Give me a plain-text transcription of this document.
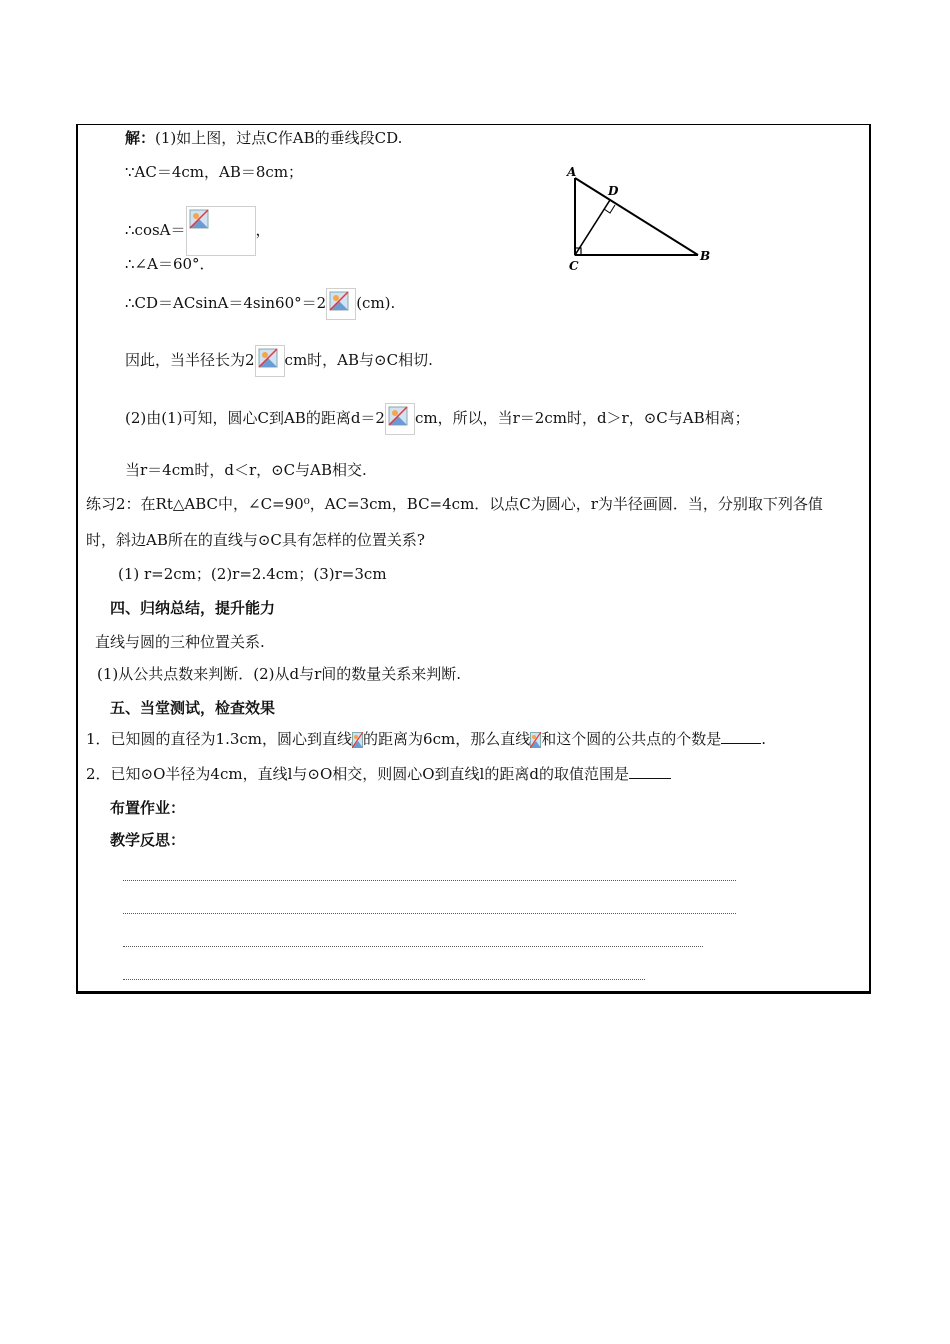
解：(1)如上图，过点C作AB的垂线段CD.
∵AC＝4cm，AB＝8cm；
∴cosA＝	，
∴∠A＝60°．
∴CD＝ACsinA＝4sin60°＝2 (cm).
因此，当半径长为2 cm时，AB与⊙C相切.
(2)由(1)可知，圆心C到AB的距离d＝2 cm，所以，当r＝2cm时，d＞r，⊙C与AB相离；
当r＝4cm时，d＜r，⊙C与AB相交.
A
D
C
B
练习2：在Rt△ABC中，∠C=90⁰，AC=3cm，BC=4cm．以点C为圆心，r为半径画圆．当，分别取下列各值
时，斜边AB所在的直线与⊙C具有怎样的位置关系?
(1) r=2cm；(2)r=2.4cm；(3)r=3cm
四、归纳总结，提升能力
直线与圆的三种位置关系.
(1)从公共点数来判断．(2)从d与r间的数量关系来判断.
五、当堂测试，检查效果
1．已知圆的直径为1.3cm，圆心到直线 的距离为6cm，那么直线 和这个圆的公共点的个数是	.
2．已知⊙O半径为4cm，直线l与⊙O相交，则圆心O到直线l的距离d的取值范围是
布置作业：
教学反思：
